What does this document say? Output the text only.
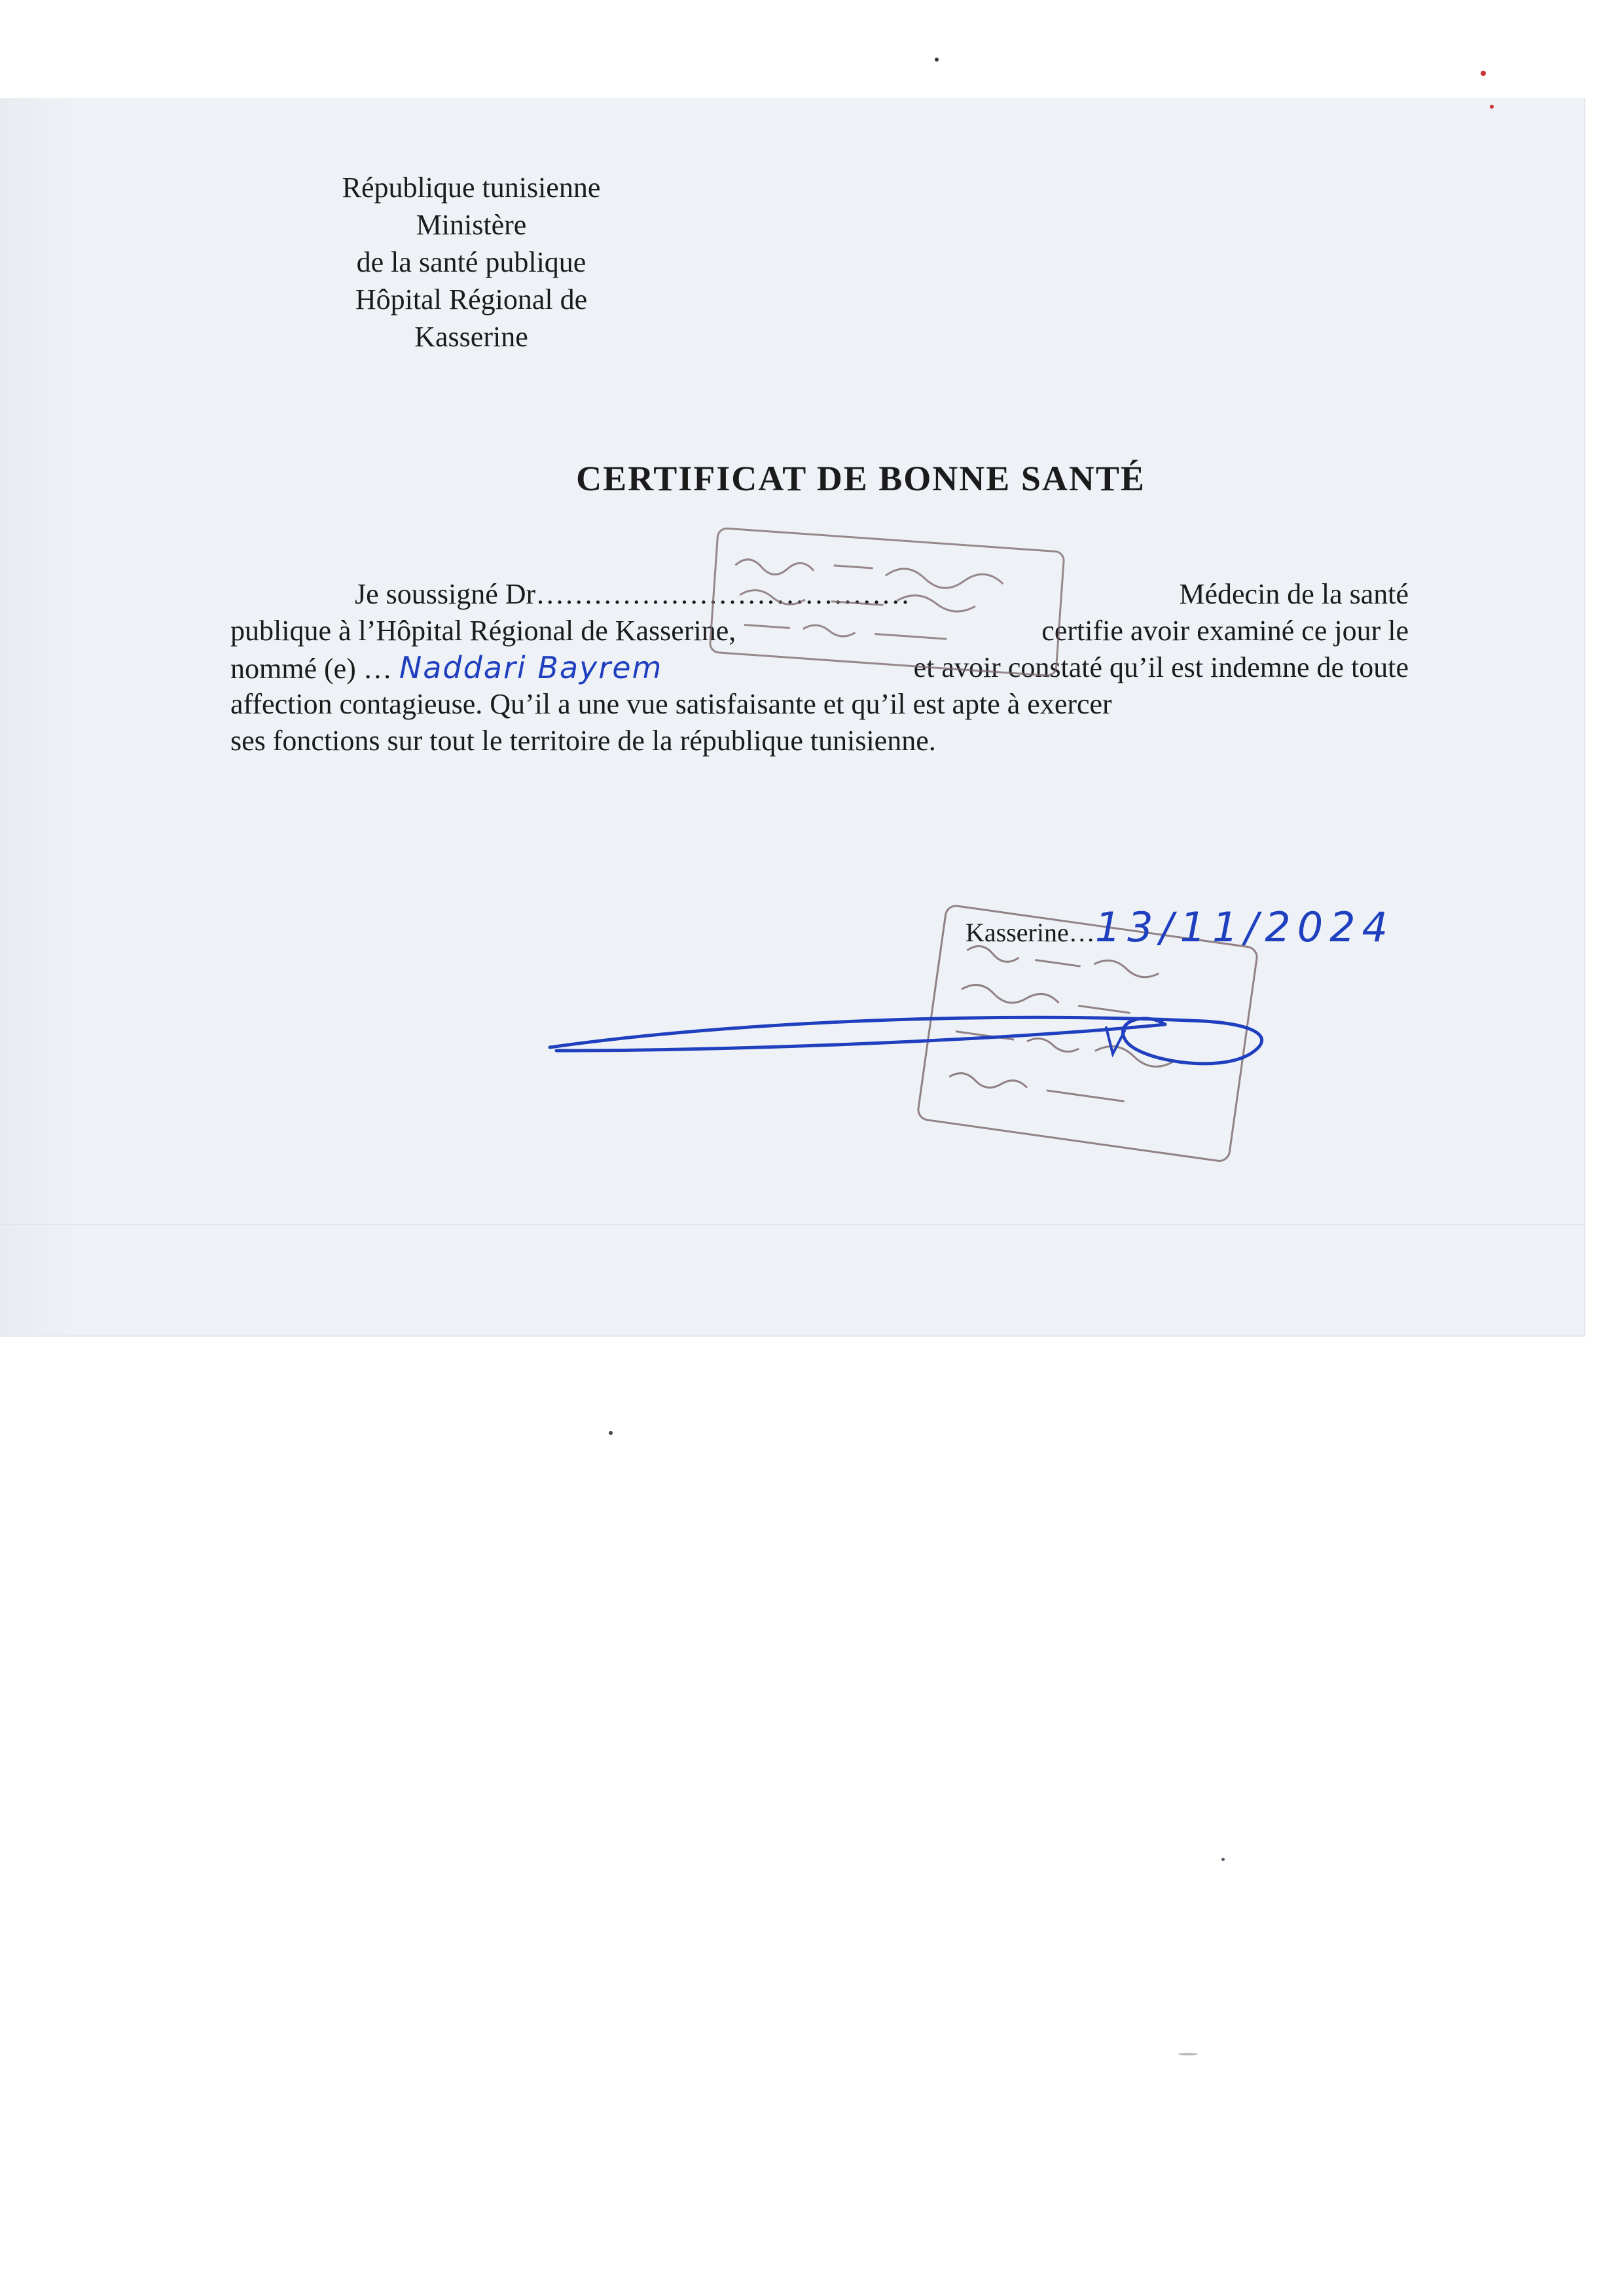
République tunisienne
Ministère
de la santé publique
Hôpital Régional de
Kasserine
CERTIFICAT DE BONNE SANTÉ
Je soussigné Dr…………………………………	Médecin de la santé
publique à l’Hôpital Régional de Kasserine,	certifie avoir examiné ce jour le
nommé (e) … Naddari Bayrem	et avoir constaté qu’il est indemne de toute
affection contagieuse. Qu’il a une vue satisfaisante et qu’il est apte à exercer
ses fonctions sur tout le territoire de la république tunisienne.
Kasserine…13/11/2024
